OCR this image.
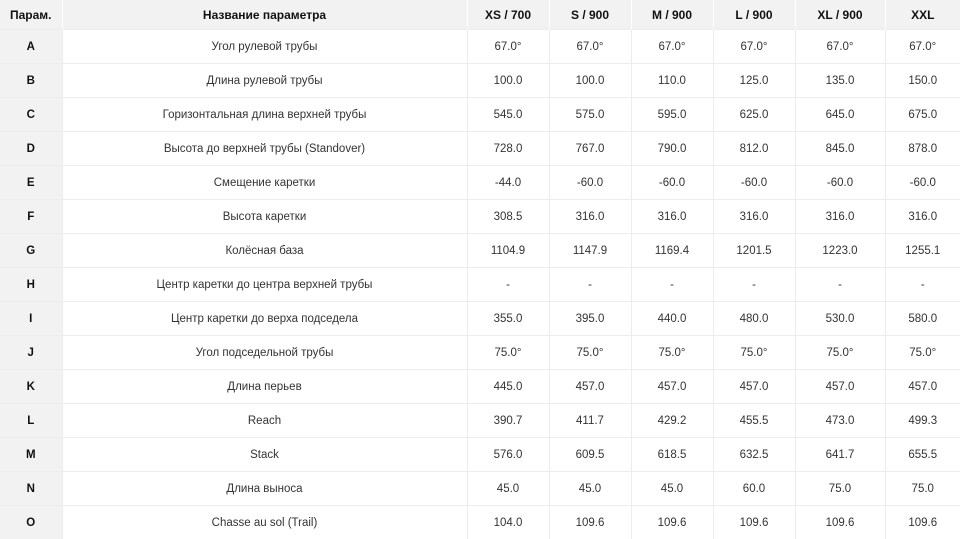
Парам.	Название параметра	XS / 700	S / 900	M / 900	L / 900	XL / 900	XXL
A	Угол рулевой трубы	67.0°	67.0°	67.0°	67.0°	67.0°	67.0°
B	Длина рулевой трубы	100.0	100.0	110.0	125.0	135.0	150.0
C	Горизонтальная длина верхней трубы	545.0	575.0	595.0	625.0	645.0	675.0
D	Высота до верхней трубы (Standover)	728.0	767.0	790.0	812.0	845.0	878.0
E	Смещение каретки	-44.0	-60.0	-60.0	-60.0	-60.0	-60.0
F	Высота каретки	308.5	316.0	316.0	316.0	316.0	316.0
G	Колёсная база	1104.9	1147.9	1169.4	1201.5	1223.0	1255.1
H	Центр каретки до центра верхней трубы	-	-	-	-	-	-
I	Центр каретки до верха подседела	355.0	395.0	440.0	480.0	530.0	580.0
J	Угол подседельной трубы	75.0°	75.0°	75.0°	75.0°	75.0°	75.0°
K	Длина перьев	445.0	457.0	457.0	457.0	457.0	457.0
L	Reach	390.7	411.7	429.2	455.5	473.0	499.3
M	Stack	576.0	609.5	618.5	632.5	641.7	655.5
N	Длина выноса	45.0	45.0	45.0	60.0	75.0	75.0
O	Chasse au sol (Trail)	104.0	109.6	109.6	109.6	109.6	109.6
